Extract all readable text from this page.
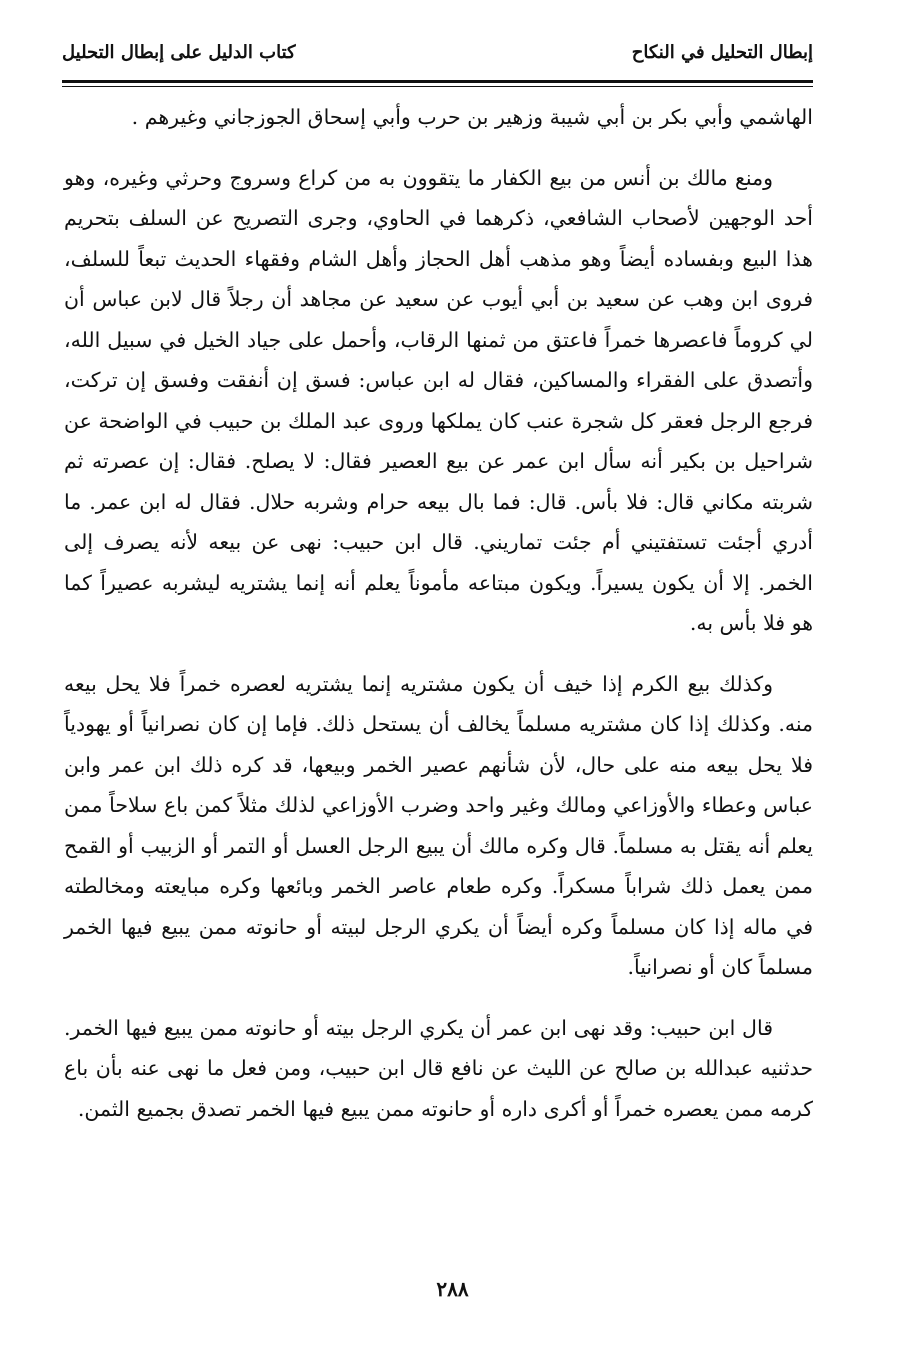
إبطال التحليل في النكاح
كتاب الدليل على إبطال التحليل

الهاشمي وأبي بكر بن أبي شيبة وزهير بن حرب وأبي إسحاق الجوزجاني وغيرهم .

ومنع مالك بن أنس من بيع الكفار ما يتقوون به من كراع وسروج وحرثي وغيره، وهو أحد الوجهين لأصحاب الشافعي، ذكرهما في الحاوي، وجرى التصريح عن السلف بتحريم هذا البيع وبفساده أيضاً وهو مذهب أهل الحجاز وأهل الشام وفقهاء الحديث تبعاً للسلف، فروى ابن وهب عن سعيد بن أبي أيوب عن سعيد عن مجاهد أن رجلاً قال لابن عباس أن لي كروماً فاعصرها خمراً فاعتق من ثمنها الرقاب، وأحمل على جياد الخيل في سبيل الله، وأتصدق على الفقراء والمساكين، فقال له ابن عباس: فسق إن أنفقت وفسق إن تركت، فرجع الرجل فعقر كل شجرة عنب كان يملكها وروى عبد الملك بن حبيب في الواضحة عن شراحيل بن بكير أنه سأل ابن عمر عن بيع العصير فقال: لا يصلح. فقال: إن عصرته ثم شربته مكاني قال: فلا بأس. قال: فما بال بيعه حرام وشربه حلال. فقال له ابن عمر. ما أدري أجئت تستفتيني أم جئت تماريني. قال ابن حبيب: نهى عن بيعه لأنه يصرف إلى الخمر. إلا أن يكون يسيراً. ويكون مبتاعه مأموناً يعلم أنه إنما يشتريه ليشربه عصيراً كما هو فلا بأس به.

وكذلك بيع الكرم إذا خيف أن يكون مشتريه إنما يشتريه لعصره خمراً فلا يحل بيعه منه. وكذلك إذا كان مشتريه مسلماً يخالف أن يستحل ذلك. فإما إن كان نصرانياً أو يهودياً فلا يحل بيعه منه على حال، لأن شأنهم عصير الخمر وبيعها، قد كره ذلك ابن عمر وابن عباس وعطاء والأوزاعي ومالك وغير واحد وضرب الأوزاعي لذلك مثلاً كمن باع سلاحاً ممن يعلم أنه يقتل به مسلماً. قال وكره مالك أن يبيع الرجل العسل أو التمر أو الزبيب أو القمح ممن يعمل ذلك شراباً مسكراً. وكره طعام عاصر الخمر وبائعها وكره مبايعته ومخالطته في ماله إذا كان مسلماً وكره أيضاً أن يكري الرجل لبيته أو حانوته ممن يبيع فيها الخمر مسلماً كان أو نصرانياً.

قال ابن حبيب: وقد نهى ابن عمر أن يكري الرجل بيته أو حانوته ممن يبيع فيها الخمر. حدثنيه عبدالله بن صالح عن الليث عن نافع قال ابن حبيب، ومن فعل ما نهى عنه بأن باع كرمه ممن يعصره خمراً أو أكرى داره أو حانوته ممن يبيع فيها الخمر تصدق بجميع الثمن.

٢٨٨
